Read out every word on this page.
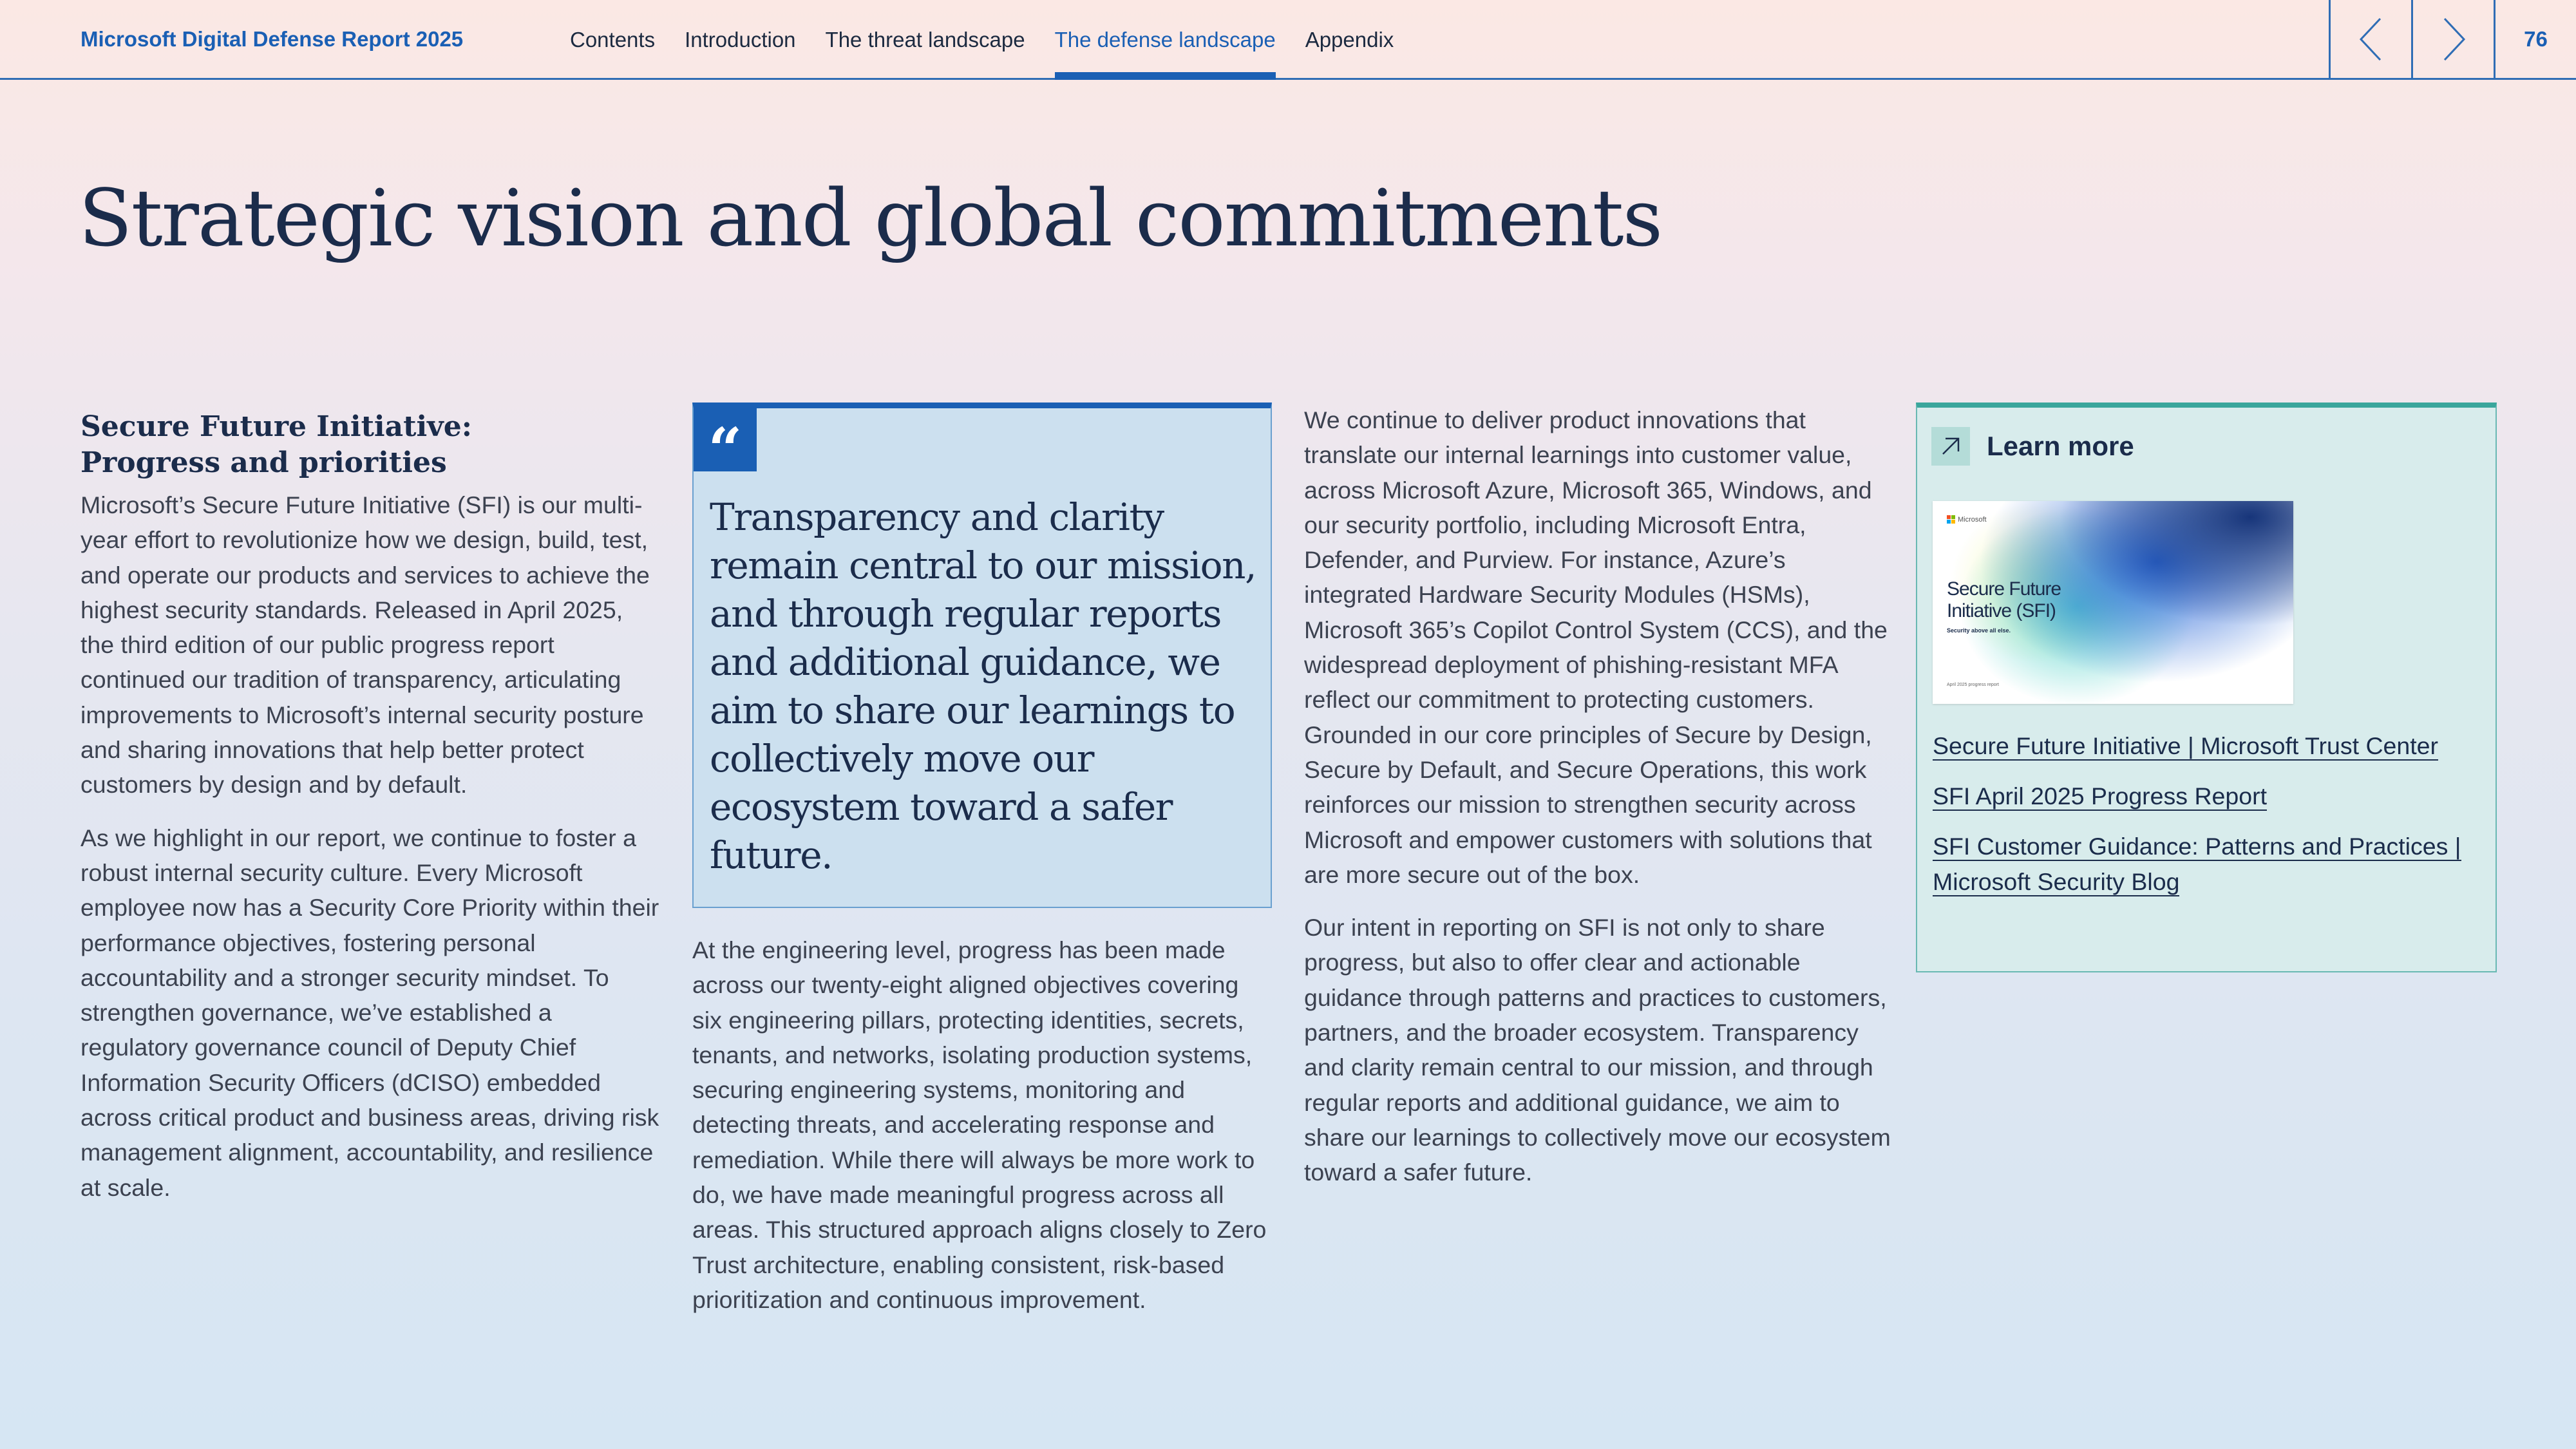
Microsoft Digital Defense Report 2025	Contents Introduction The threat landscape The defense landscape Appendix	76
Strategic vision and global commitments
Secure Future Initiative:
Progress and priorities

Microsoft’s Secure Future Initiative (SFI) is our multi-year effort to revolutionize how we design, build, test, and operate our products and services to achieve the highest security standards. Released in April 2025, the third edition of our public progress report continued our tradition of transparency, articulating improvements to Microsoft’s internal security posture and sharing innovations that help better protect customers by design and by default.

As we highlight in our report, we continue to foster a robust internal security culture. Every Microsoft employee now has a Security Core Priority within their performance objectives, fostering personal accountability and a stronger security mindset. To strengthen governance, we’ve established a regulatory governance council of Deputy Chief Information Security Officers (dCISO) embedded across critical product and business areas, driving risk management alignment, accountability, and resilience at scale.

“
Transparency and clarity remain central to our mission, and through regular reports and additional guidance, we aim to share our learnings to collectively move our ecosystem toward a safer future.

At the engineering level, progress has been made across our twenty-eight aligned objectives covering six engineering pillars, protecting identities, secrets, tenants, and networks, isolating production systems, securing engineering systems, monitoring and detecting threats, and accelerating response and remediation. While there will always be more work to do, we have made meaningful progress across all areas. This structured approach aligns closely to Zero Trust architecture, enabling consistent, risk-based prioritization and continuous improvement.

We continue to deliver product innovations that translate our internal learnings into customer value, across Microsoft Azure, Microsoft 365, Windows, and our security portfolio, including Microsoft Entra, Defender, and Purview. For instance, Azure’s integrated Hardware Security Modules (HSMs), Microsoft 365’s Copilot Control System (CCS), and the widespread deployment of phishing-resistant MFA reflect our commitment to protecting customers. Grounded in our core principles of Secure by Design, Secure by Default, and Secure Operations, this work reinforces our mission to strengthen security across Microsoft and empower customers with solutions that are more secure out of the box.

Our intent in reporting on SFI is not only to share progress, but also to offer clear and actionable guidance through patterns and practices to customers, partners, and the broader ecosystem. Transparency and clarity remain central to our mission, and through regular reports and additional guidance, we aim to share our learnings to collectively move our ecosystem toward a safer future.

Learn more
Microsoft
Secure Future Initiative (SFI)
Security above all else.
April 2025 progress report
Secure Future Initiative | Microsoft Trust Center
SFI April 2025 Progress Report
SFI Customer Guidance: Patterns and Practices | Microsoft Security Blog
